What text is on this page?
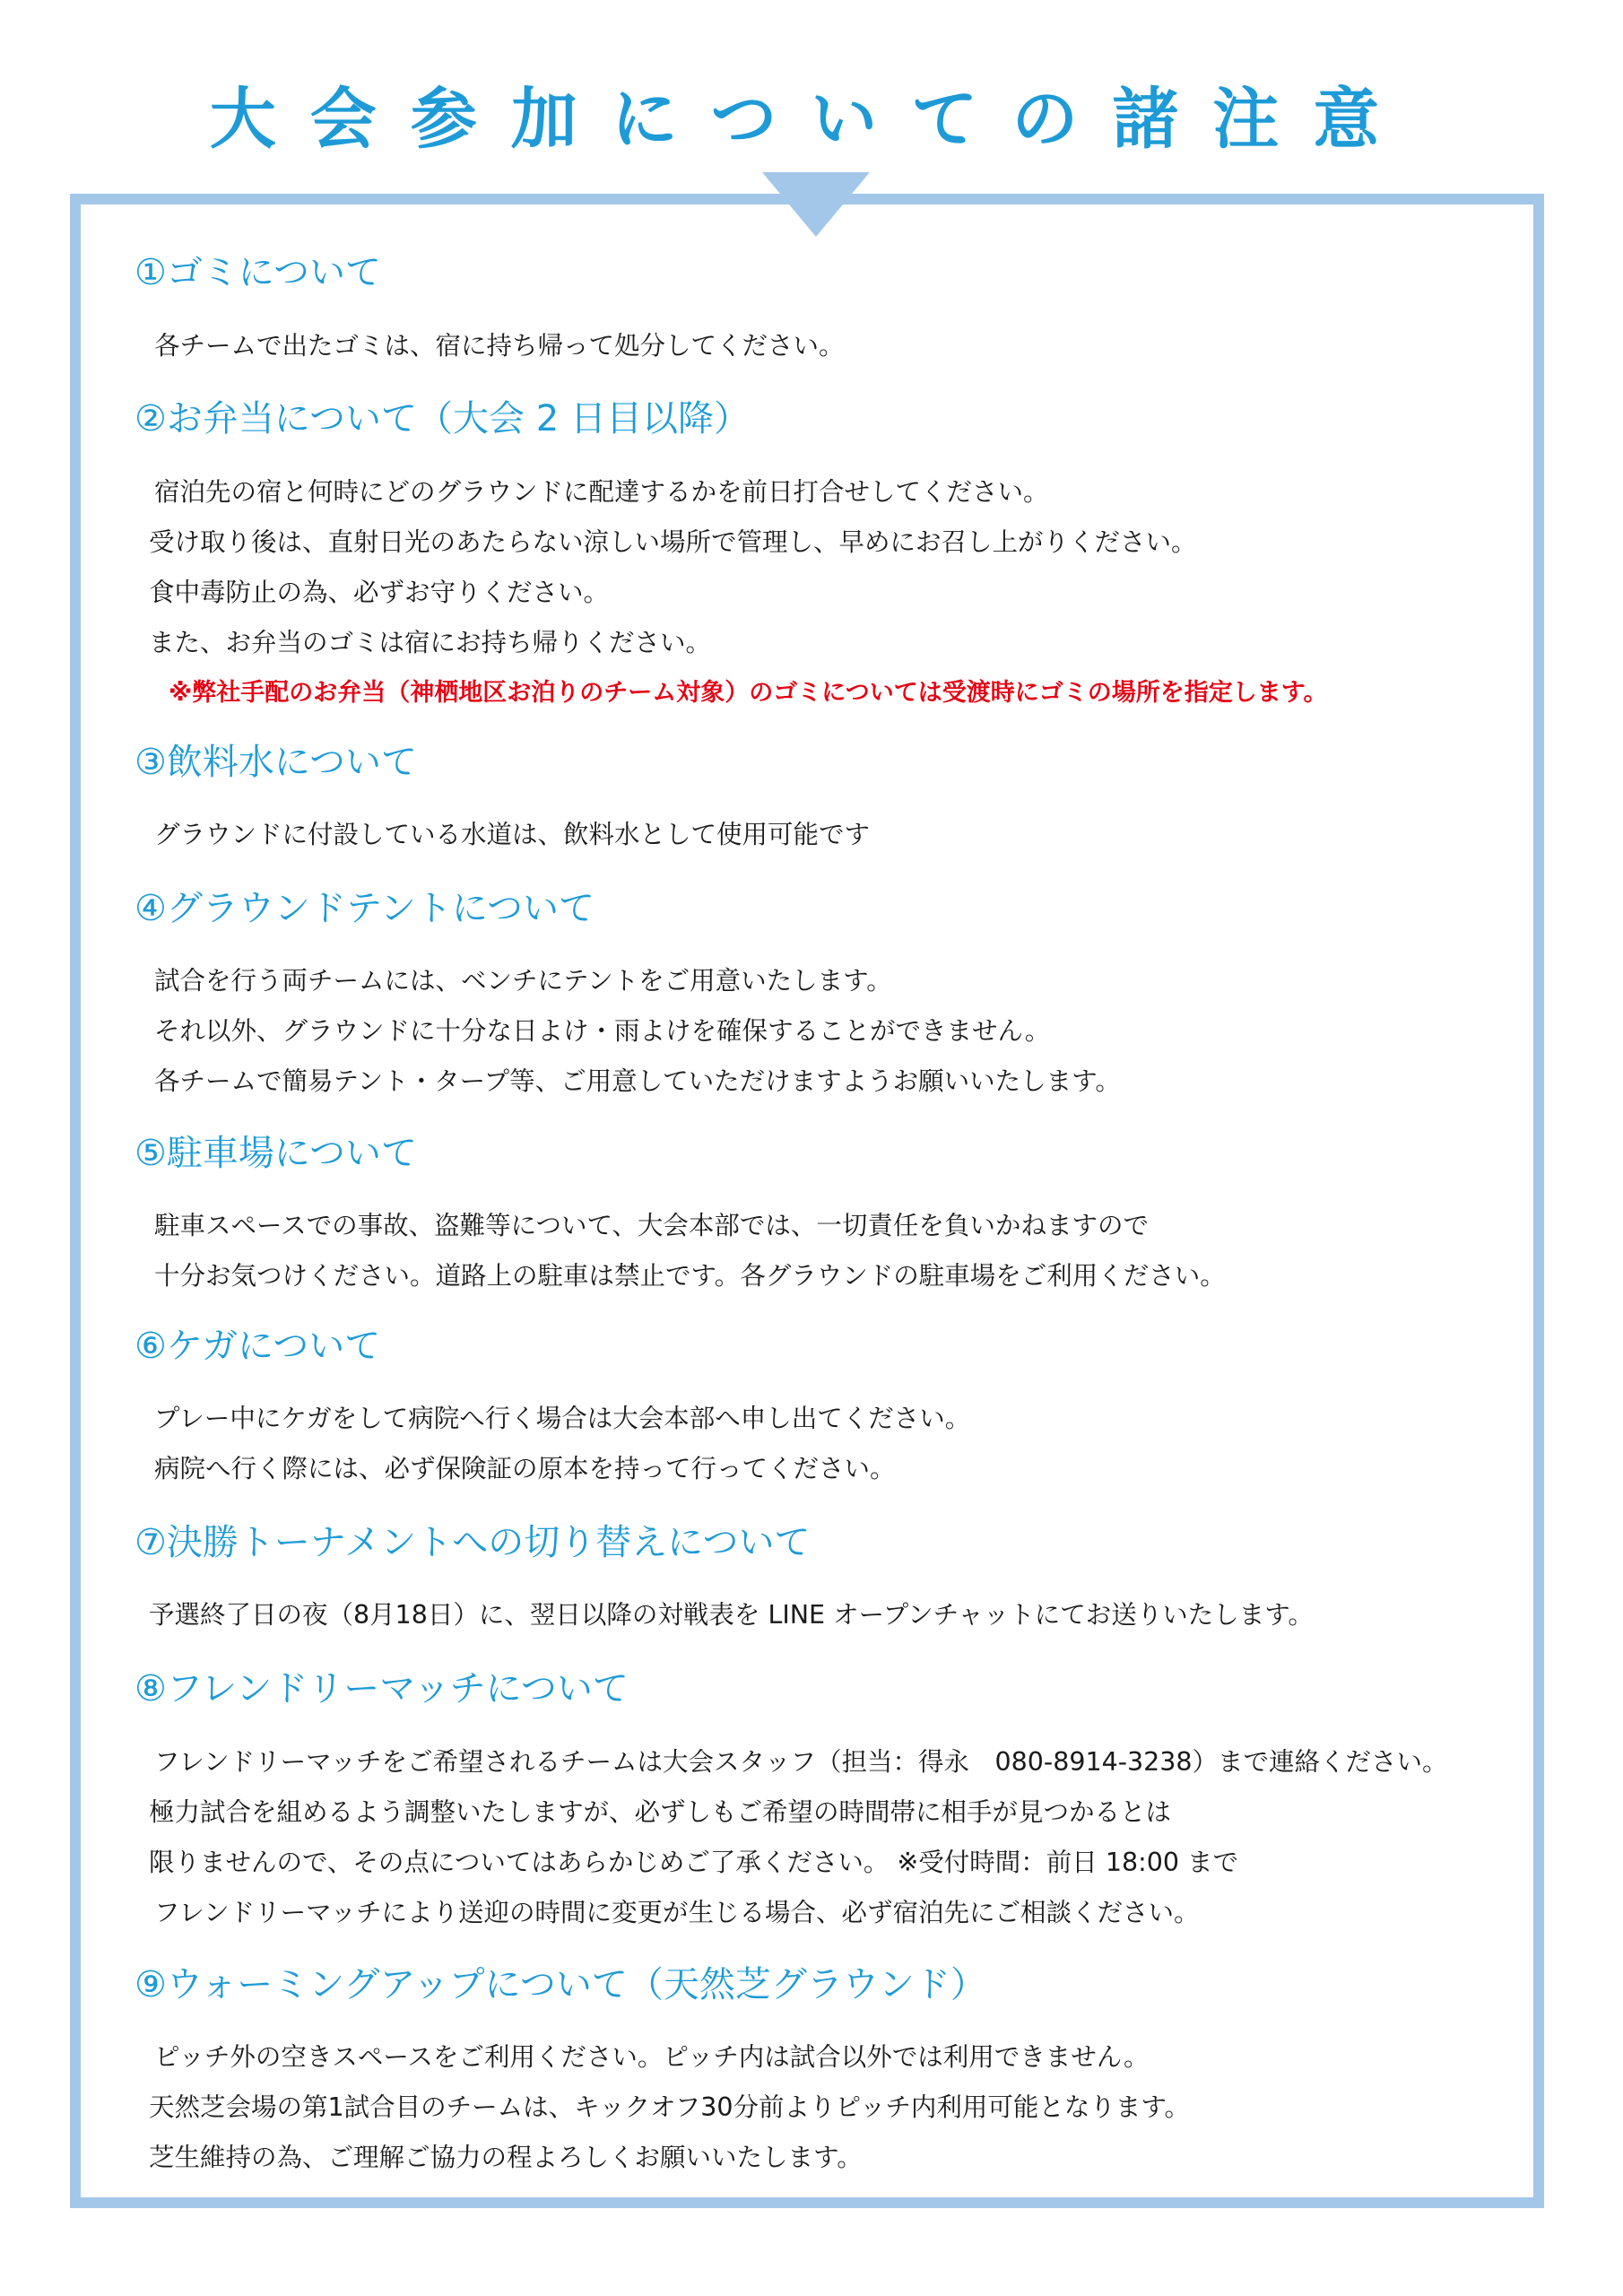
大会参加についての諸注意
①ゴミについて
各チームで出たゴミは、宿に持ち帰って処分してください。
②お弁当について（大会 2 日目以降）
宿泊先の宿と何時にどのグラウンドに配達するかを前日打合せしてください。
受け取り後は、直射日光のあたらない涼しい場所で管理し、早めにお召し上がりください。
食中毒防止の為、必ずお守りください。
また、お弁当のゴミは宿にお持ち帰りください。
※弊社手配のお弁当（神栖地区お泊りのチーム対象）のゴミについては受渡時にゴミの場所を指定します。
③飲料水について
グラウンドに付設している水道は、飲料水として使用可能です
④グラウンドテントについて
試合を行う両チームには、ベンチにテントをご用意いたします。
それ以外、グラウンドに十分な日よけ・雨よけを確保することができません。
各チームで簡易テント・タープ等、ご用意していただけますようお願いいたします。
⑤駐車場について
駐車スペースでの事故、盗難等について、大会本部では、一切責任を負いかねますので
十分お気つけください。道路上の駐車は禁止です。各グラウンドの駐車場をご利用ください。
⑥ケガについて
プレー中にケガをして病院へ行く場合は大会本部へ申し出てください。
病院へ行く際には、必ず保険証の原本を持って行ってください。
⑦決勝トーナメントへの切り替えについて
予選終了日の夜（8月18日）に、翌日以降の対戦表を LINE オープンチャットにてお送りいたします。
⑧フレンドリーマッチについて
フレンドリーマッチをご希望されるチームは大会スタッフ（担当：得永　080-8914-3238）まで連絡ください。
極力試合を組めるよう調整いたしますが、必ずしもご希望の時間帯に相手が見つかるとは
限りませんので、その点についてはあらかじめご了承ください。 ※受付時間：前日 18:00 まで
フレンドリーマッチにより送迎の時間に変更が生じる場合、必ず宿泊先にご相談ください。
⑨ウォーミングアップについて（天然芝グラウンド）
ピッチ外の空きスペースをご利用ください。ピッチ内は試合以外では利用できません。
天然芝会場の第1試合目のチームは、キックオフ30分前よりピッチ内利用可能となります。
芝生維持の為、ご理解ご協力の程よろしくお願いいたします。
